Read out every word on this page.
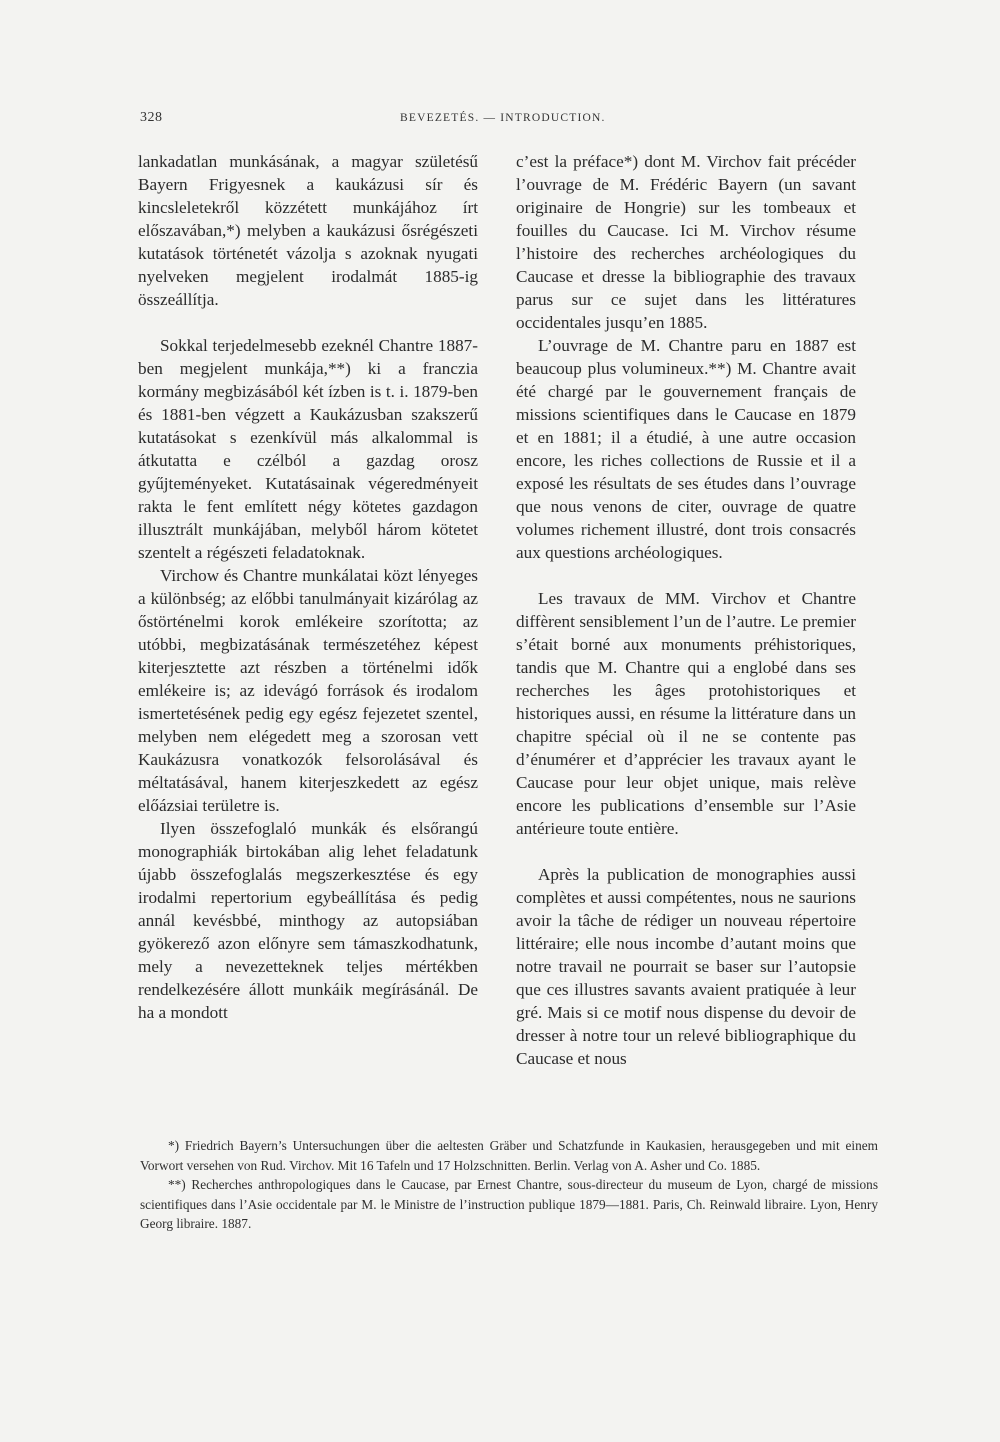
328	BEVEZETÉS. — INTRODUCTION.

lankadatlan munkásának, a magyar születésű Bayern Frigyesnek a kaukázusi sír és kincsleletekről közzétett munkájához írt előszavában,*) melyben a kaukázusi ősrégészeti kutatások történetét vázolja s azoknak nyugati nyelveken megjelent irodalmát 1885-ig összeállítja.

Sokkal terjedelmesebb ezeknél Chantre 1887-ben megjelent munkája,**) ki a franczia kormány megbizásából két ízben is t. i. 1879-ben és 1881-ben végzett a Kaukázusban szakszerű kutatásokat s ezenkívül más alkalommal is átkutatta e czélból a gazdag orosz gyűjteményeket. Kutatásainak végeredményeit rakta le fent említett négy kötetes gazdagon illusztrált munkájában, melyből három kötetet szentelt a régészeti feladatoknak.

Virchow és Chantre munkálatai közt lényeges a különbség; az előbbi tanulmányait kizárólag az őstörténelmi korok emlékeire szorította; az utóbbi, megbizatásának természetéhez képest kiterjesztette azt részben a történelmi idők emlékeire is; az idevágó források és irodalom ismertetésének pedig egy egész fejezetet szentel, melyben nem elégedett meg a szorosan vett Kaukázusra vonatkozók felsorolásával és méltatásával, hanem kiterjeszkedett az egész előázsiai területre is.

Ilyen összefoglaló munkák és elsőrangú monographiák birtokában alig lehet feladatunk újabb összefoglalás megszerkesztése és egy irodalmi repertorium egybeállítása és pedig annál kevésbbé, minthogy az autopsiában gyökerező azon előnyre sem támaszkodhatunk, mely a nevezetteknek teljes mértékben rendelkezésére állott munkáik megírásánál. De ha a mondott

c’est la préface*) dont M. Virchov fait précéder l’ouvrage de M. Frédéric Bayern (un savant originaire de Hongrie) sur les tombeaux et fouilles du Caucase. Ici M. Virchov résume l’histoire des recherches archéologiques du Caucase et dresse la bibliographie des travaux parus sur ce sujet dans les littératures occidentales jusqu’en 1885.

L’ouvrage de M. Chantre paru en 1887 est beaucoup plus volumineux.**) M. Chantre avait été chargé par le gouvernement français de missions scientifiques dans le Caucase en 1879 et en 1881; il a étudié, à une autre occasion encore, les riches collections de Russie et il a exposé les résultats de ses études dans l’ouvrage que nous venons de citer, ouvrage de quatre volumes richement illustré, dont trois consacrés aux questions archéologiques.

Les travaux de MM. Virchov et Chantre diffèrent sensiblement l’un de l’autre. Le premier s’était borné aux monuments préhistoriques, tandis que M. Chantre qui a englobé dans ses recherches les âges protohistoriques et historiques aussi, en résume la littérature dans un chapitre spécial où il ne se contente pas d’énumérer et d’apprécier les travaux ayant le Caucase pour leur objet unique, mais relève encore les publications d’ensemble sur l’Asie antérieure toute entière.

Après la publication de monographies aussi complètes et aussi compétentes, nous ne saurions avoir la tâche de rédiger un nouveau répertoire littéraire; elle nous incombe d’autant moins que notre travail ne pourrait se baser sur l’autopsie que ces illustres savants avaient pratiquée à leur gré. Mais si ce motif nous dispense du devoir de dresser à notre tour un relevé bibliographique du Caucase et nous

*) Friedrich Bayern’s Untersuchungen über die aeltesten Gräber und Schatzfunde in Kaukasien, herausgegeben und mit einem Vorwort versehen von Rud. Virchov. Mit 16 Tafeln und 17 Holzschnitten. Berlin. Verlag von A. Asher und Co. 1885.

**) Recherches anthropologiques dans le Caucase, par Ernest Chantre, sous-directeur du museum de Lyon, chargé de missions scientifiques dans l’Asie occidentale par M. le Ministre de l’instruction publique 1879—1881. Paris, Ch. Reinwald libraire. Lyon, Henry Georg libraire. 1887.
